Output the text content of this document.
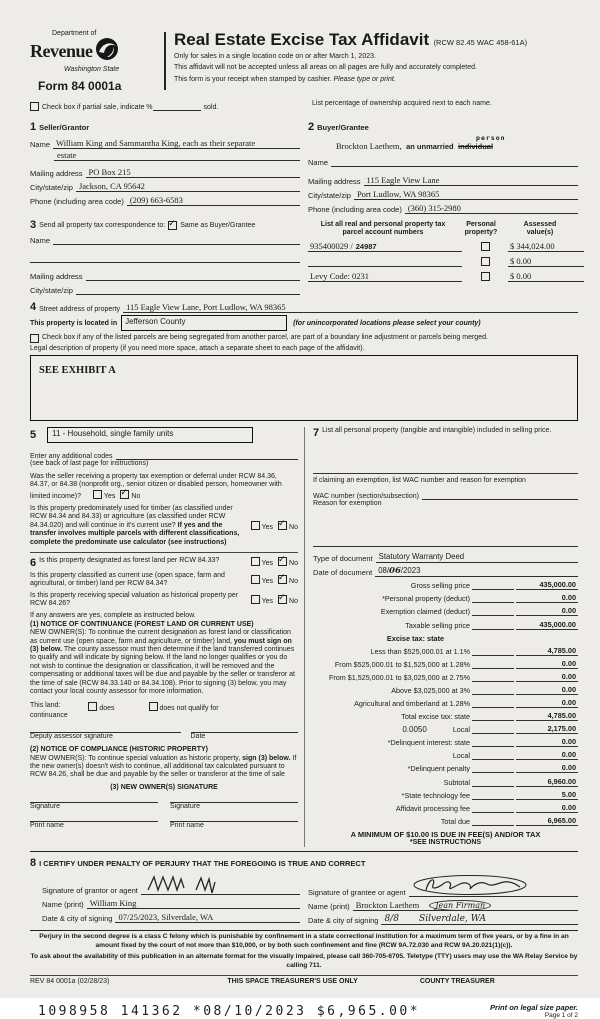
Department of
Revenue
Washington State
Form 84 0001a
Real Estate Excise Tax Affidavit (RCW 82.45 WAC 458-61A)
Only for sales in a single location code on or after March 1, 2023.
This affidavit will not be accepted unless all areas on all pages are fully and accurately completed.
This form is your receipt when stamped by cashier. Please type or print.
Check box if partial sale, indicate %	sold.
List percentage of ownership acquired next to each name.
1 Seller/Grantor
Name William King and Sammantha King, each as their separate
estate
Mailing address PO Box 215
City/state/zip Jackson, CA 95642
Phone (including area code) (209) 663-6583
2 Buyer/Grantee
Brockton Laethem, an unmarried individual
person
Name
Mailing address 115 Eagle View Lane
City/state/zip Port Ludlow, WA 98365
Phone (including area code) (360) 315-2980
3 Send all property tax correspondence to: ✓ Same as Buyer/Grantee
Name
Mailing address
City/state/zip
List all real and personal property tax
parcel account numbers
Personal
property?
Assessed
value(s)
935400029 / 24987	$ 344,024.00
$ 0.00
Levy Code: 0231	$ 0.00
4 Street address of property 115 Eagle View Lane, Port Ludlow, WA 98365
This property is located in	Jefferson County	(for unincorporated locations please select your county)
Check box if any of the listed parcels are being segregated from another parcel, are part of a boundary line adjustment or parcels being merged.
Legal description of property (if you need more space, attach a separate sheet to each page of the affidavit).
SEE EXHIBIT A
5	11 - Household, single family units
Enter any additional codes
(see back of last page for instructions)
Was the seller receiving a property tax exemption or deferral under RCW 84.36, 84.37, or 84.38 (nonprofit org., senior citizen or disabled person, homeowner with limited income)?	Yes ✓ No
Is this property predominately used for timber (as classified under RCW 84.34 and 84.33) or agriculture (as classified under RCW 84.34.020) and will continue in it's current use? If yes and the transfer involves multiple parcels with different classifications, complete the predominate use calculator (see instructions)
Yes ✓ No
6 Is this property designated as forest land per RCW 84.33?	Yes ✓ No
Is this property classified as current use (open space, farm and agricultural, or timber) land per RCW 84.34?	Yes ✓ No
Is this property receiving special valuation as historical property per RCW 84.26?	Yes ✓ No
If any answers are yes, complete as instructed below.
(1) NOTICE OF CONTINUANCE (FOREST LAND OR CURRENT USE)
NEW OWNER(S): To continue the current designation as forest land or classification as current use (open space, farm and agriculture, or timber) land, you must sign on (3) below. The county assessor must then determine if the land transferred continues to qualify and will indicate by signing below. If the land no longer qualifies or you do not wish to continue the designation or classification, it will be removed and the compensating or additional taxes will be due and payable by the seller or transferor at the time of sale (RCW 84.33.140 or 84.34.108). Prior to signing (3) below, you may contact your local county assessor for more information.
This land:	does	does not qualify for
continuance
Deputy assessor signature	Date
(2) NOTICE OF COMPLIANCE (HISTORIC PROPERTY)
NEW OWNER(S): To continue special valuation as historic property, sign (3) below. If the new owner(s) doesn't wish to continue, all additional tax calculated pursuant to RCW 84.26, shall be due and payable by the seller or transferor at the time of sale
(3) NEW OWNER(S) SIGNATURE
Signature	Signature
Print name	Print name
7 List all personal property (tangible and intangible) included in selling price.
If claiming an exemption, list WAC number and reason for exemption
WAC number (section/subsection)
Reason for exemption
Type of document Statutory Warranty Deed
Date of document 08/06/2023
Gross selling price	435,000.00
*Personal property (deduct)	0.00
Exemption claimed (deduct)	0.00
Taxable selling price	435,000.00
Excise tax: state
Less than $525,000.01 at 1.1%	4,785.00
From $525,000.01 to $1,525,000 at 1.28%	0.00
From $1,525,000.01 to $3,025,000 at 2.75%	0.00
Above $3,025,000 at 3%	0.00
Agricultural and timberland at 1.28%	0.00
Total excise tax: state	4,785.00
0.0050	Local	2,175.00
*Delinquent interest: state	0.00
Local	0.00
*Delinquent penalty	0.00
Subtotal	6,960.00
*State technology fee	5.00
Affidavit processing fee	0.00
Total due	6,965.00
A MINIMUM OF $10.00 IS DUE IN FEE(S) AND/OR TAX
*SEE INSTRUCTIONS
8 I CERTIFY UNDER PENALTY OF PERJURY THAT THE FOREGOING IS TRUE AND CORRECT
Signature of grantor or agent
Name (print) William King
Date & city of signing 07/25/2023, Silverdale, WA
Signature of grantee or agent
Name (print) Brockton Laethem Jean Firman
Date & city of signing 8/8 Silverdale, WA
Perjury in the second degree is a class C felony which is punishable by confinement in a state correctional institution for a maximum term of five years, or by a fine in an amount fixed by the court of not more than $10,000, or by both such confinement and fine (RCW 9A.72.030 and RCW 9A.20.021(1)(c)).
To ask about the availability of this publication in an alternate format for the visually impaired, please call 360-705-6705. Teletype (TTY) users may use the WA Relay Service by calling 711.
REV 84 0001a (02/28/23)	THIS SPACE TREASURER'S USE ONLY	COUNTY TREASURER
1098958 141362 *08/10/2023 $6,965.00*	Print on legal size paper.
Page 1 of 2
